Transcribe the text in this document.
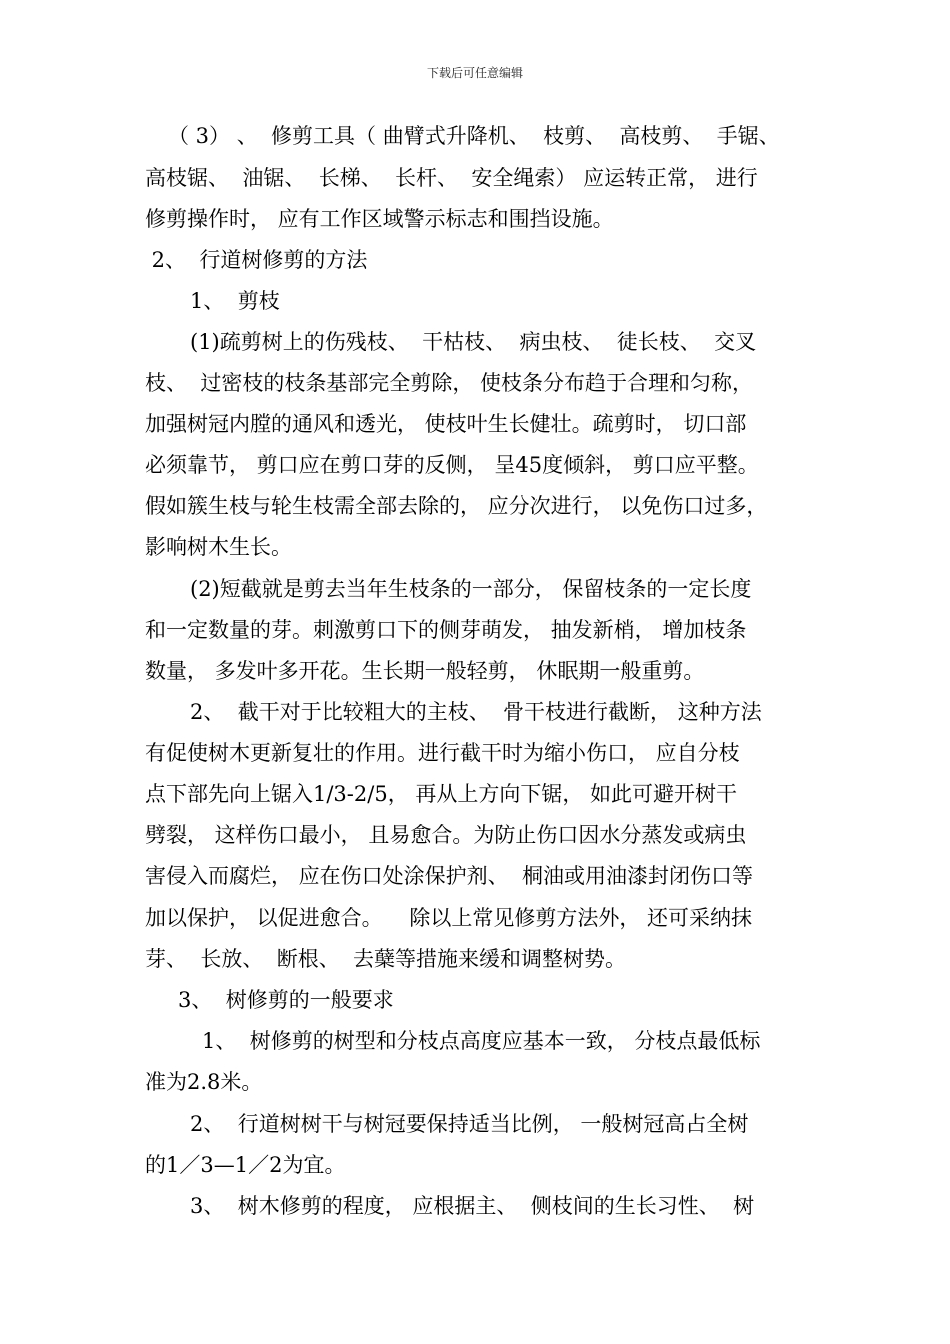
下载后可任意编辑
（ 3） 、  修剪工具（ 曲臂式升降机、  枝剪、  高枝剪、  手锯、
高枝锯、  油锯、  长梯、  长杆、  安全绳索） 应运转正常， 进行
修剪操作时， 应有工作区域警示标志和围挡设施。
2、  行道树修剪的方法
1、  剪枝
(1)疏剪树上的伤残枝、  干枯枝、  病虫枝、  徒长枝、  交叉
枝、  过密枝的枝条基部完全剪除， 使枝条分布趋于合理和匀称，
加强树冠内膛的通风和透光， 使枝叶生长健壮。疏剪时， 切口部
必须靠节， 剪口应在剪口芽的反侧， 呈45度倾斜， 剪口应平整。
假如簇生枝与轮生枝需全部去除的， 应分次进行， 以免伤口过多，
影响树木生长。
(2)短截就是剪去当年生枝条的一部分， 保留枝条的一定长度
和一定数量的芽。刺激剪口下的侧芽萌发， 抽发新梢， 增加枝条
数量， 多发叶多开花。生长期一般轻剪， 休眠期一般重剪。
2、  截干对于比较粗大的主枝、  骨干枝进行截断， 这种方法
有促使树木更新复壮的作用。进行截干时为缩小伤口， 应自分枝
点下部先向上锯入1/3-2/5， 再从上方向下锯， 如此可避开树干
劈裂， 这样伤口最小， 且易愈合。为防止伤口因水分蒸发或病虫
害侵入而腐烂， 应在伤口处涂保护剂、  桐油或用油漆封闭伤口等
加以保护， 以促进愈合。    除以上常见修剪方法外， 还可采纳抹
芽、  长放、  断根、  去蘖等措施来缓和调整树势。
3、  树修剪的一般要求
1、  树修剪的树型和分枝点高度应基本一致， 分枝点最低标
准为2.8米。
2、  行道树树干与树冠要保持适当比例， 一般树冠高占全树
的1／3—1／2为宜。
3、  树木修剪的程度， 应根据主、  侧枝间的生长习性、  树
